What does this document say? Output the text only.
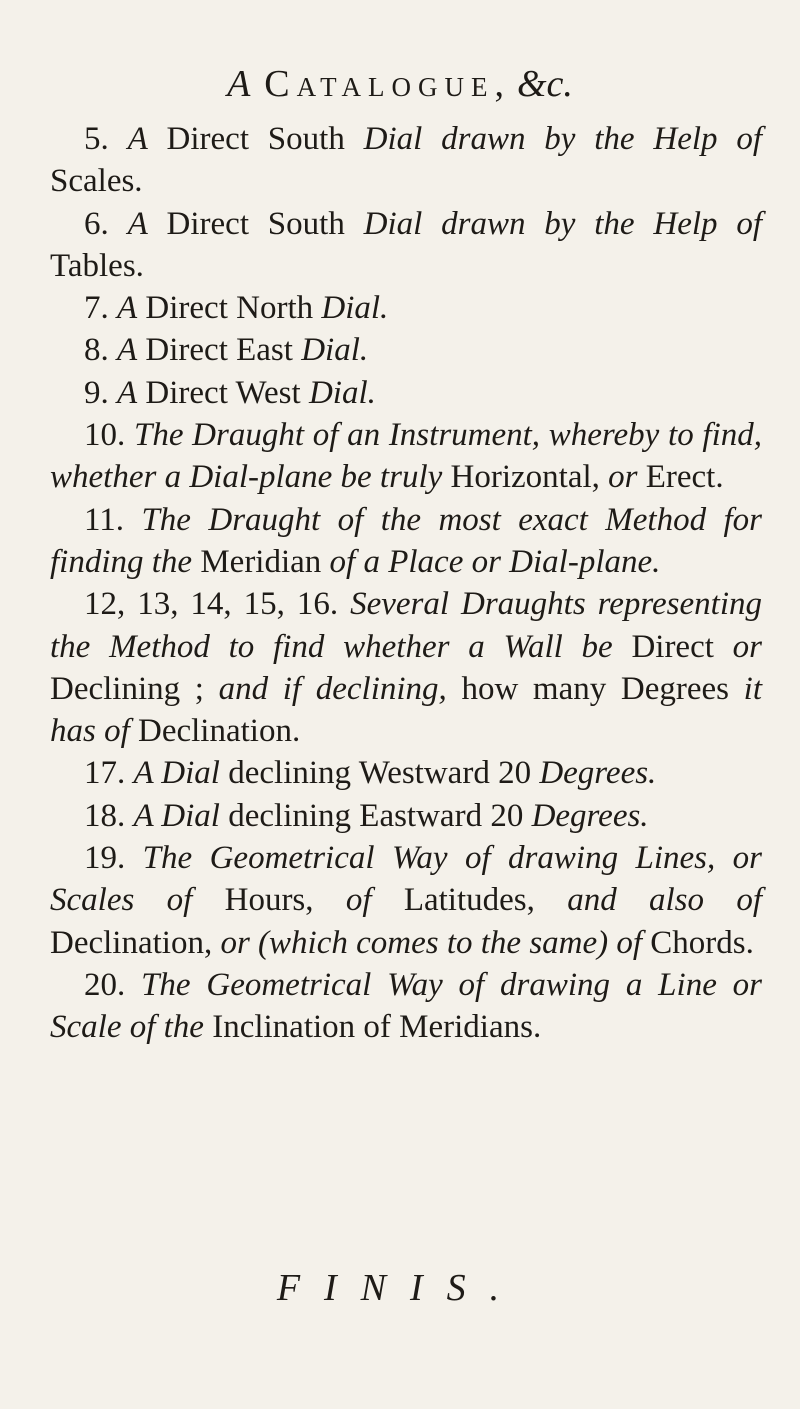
A Catalogue, &c.

5. A Direct South Dial drawn by the Help of Scales.

6. A Direct South Dial drawn by the Help of Tables.

7. A Direct North Dial.

8. A Direct East Dial.

9. A Direct West Dial.

10. The Draught of an Instrument, whereby to find, whether a Dial-plane be truly Horizontal, or Erect.

11. The Draught of the most exact Method for finding the Meridian of a Place or Dial-plane.

12, 13, 14, 15, 16. Several Draughts representing the Method to find whether a Wall be Direct or Declining ; and if declining, how many Degrees it has of Declination.

17. A Dial declining Westward 20 Degrees.

18. A Dial declining Eastward 20 Degrees.

19. The Geometrical Way of drawing Lines, or Scales of Hours, of Latitudes, and also of Declination, or (which comes to the same) of Chords.

20. The Geometrical Way of drawing a Line or Scale of the Inclination of Meridians.

FINIS.
